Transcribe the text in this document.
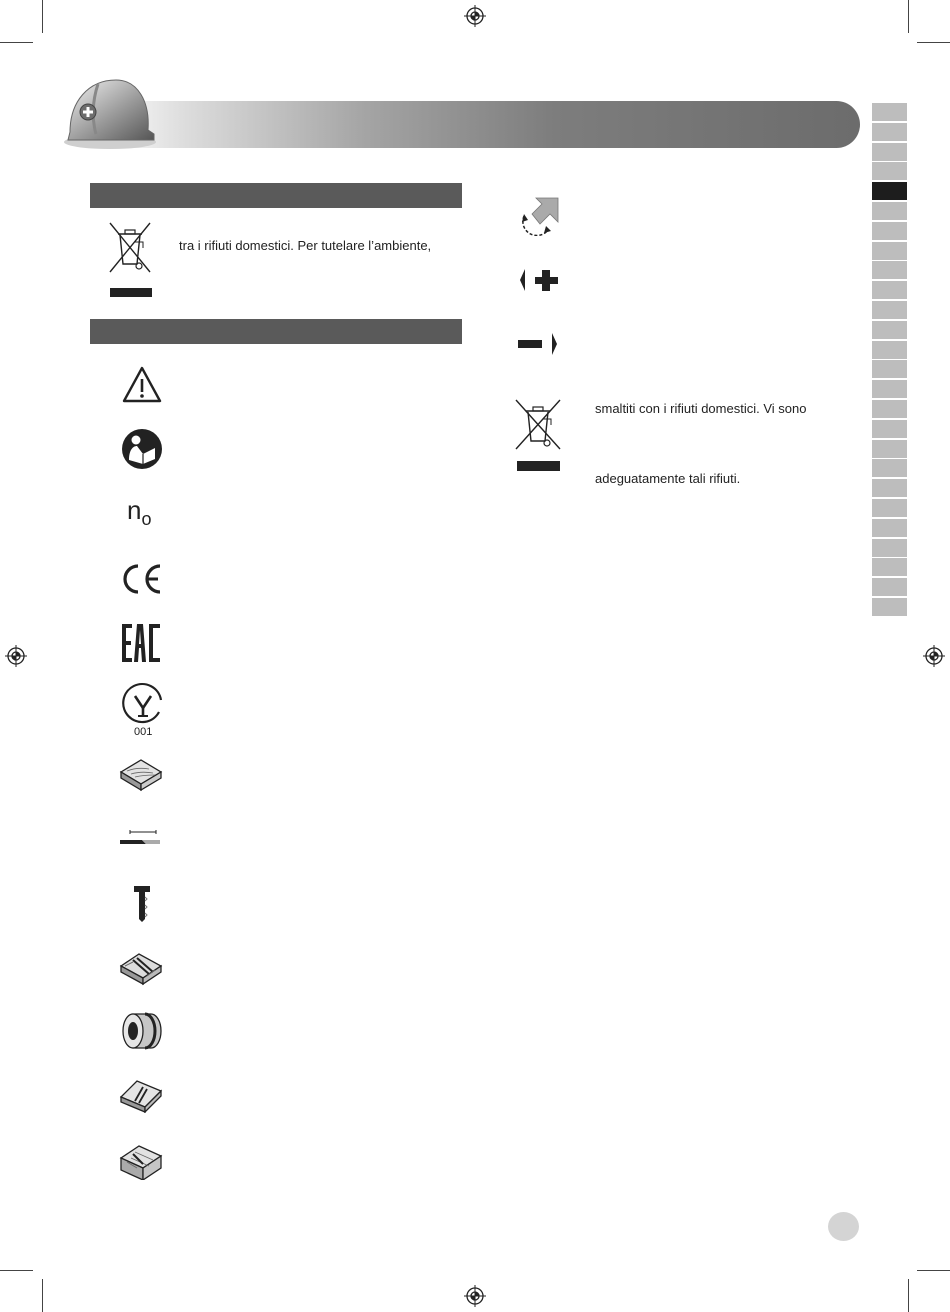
tra i rifiuti domestici. Per tutelare l’ambiente,
no
001
smaltiti con i rifiuti domestici. Vi sono
adeguatamente tali rifiuti.
